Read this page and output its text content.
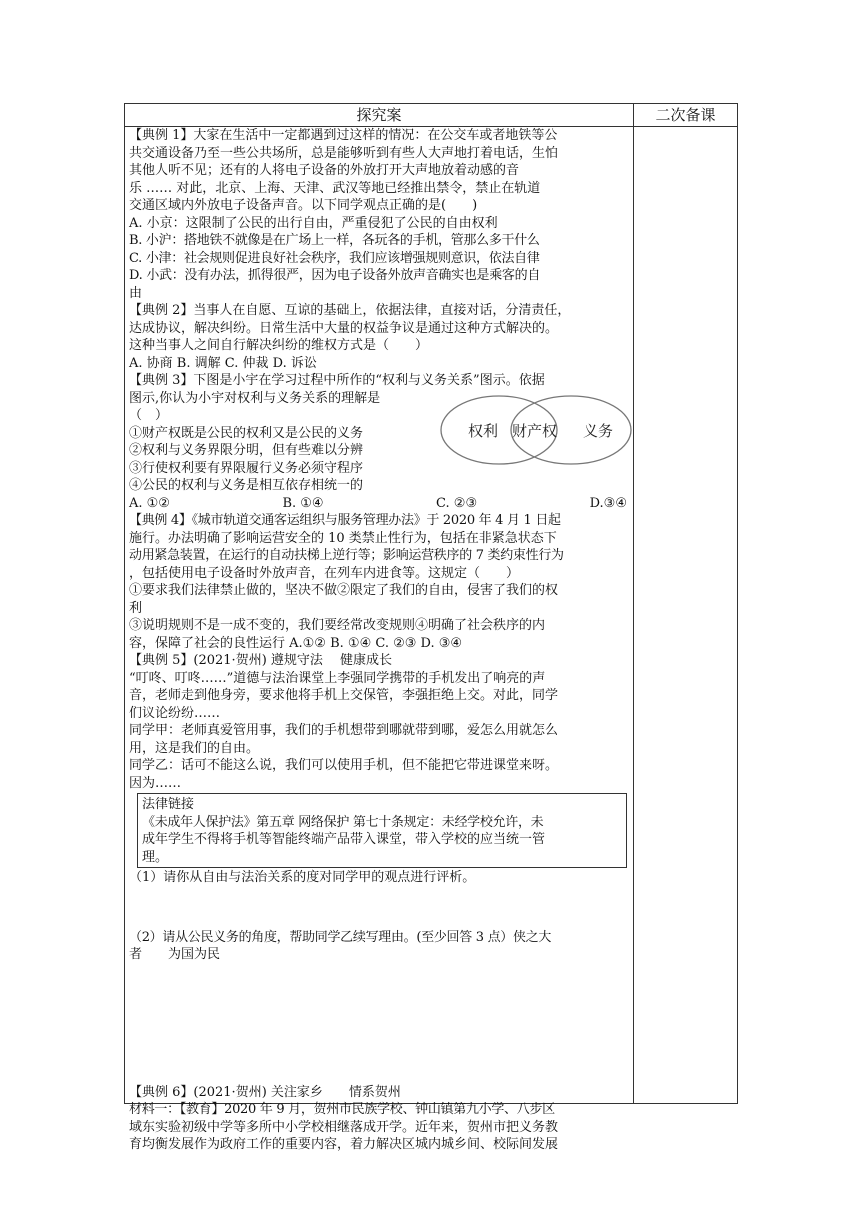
探究案	二次备课

【典例 1】大家在生活中一定都遇到过这样的情况：在公交车或者地铁等公

共交通设备乃至一些公共场所，总是能够听到有些人大声地打着电话，生怕

其他人听不见；还有的人将电子设备的外放打开大声地放着动感的音

乐 …… 对此，北京、上海、天津、武汉等地已经推出禁令，禁止在轨道

交通区域内外放电子设备声音。以下同学观点正确的是(　　)

A. 小京：这限制了公民的出行自由，严重侵犯了公民的自由权利

B. 小沪：搭地铁不就像是在广场上一样，各玩各的手机，管那么多干什么

C. 小津：社会规则促进良好社会秩序，我们应该增强规则意识，依法自律

D. 小武：没有办法，抓得很严，因为电子设备外放声音确实也是乘客的自

由

【典例 2】当事人在自愿、互谅的基础上，依据法律，直接对话，分清责任，

达成协议，解决纠纷。日常生活中大量的权益争议是通过这种方式解决的。

这种当事人之间自行解决纠纷的维权方式是（　　）

A. 协商 B. 调解 C. 仲裁 D. 诉讼

【典例 3】下图是小宇在学习过程中所作的“权利与义务关系”图示。依据

图示,你认为小宇对权利与义务关系的理解是

（　）

①财产权既是公民的权利又是公民的义务

②权利与义务界限分明，但有些难以分辨

③行使权利要有界限履行义务必须守程序

④公民的权利与义务是相互依存相统一的

A. ①②	B. ①④	C. ②③	D.③④

【典例 4】《城市轨道交通客运组织与服务管理办法》于 2020 年 4 月 1 日起

施行。办法明确了影响运营安全的 10 类禁止性行为，包括在非紧急状态下

动用紧急装置，在运行的自动扶梯上逆行等；影响运营秩序的 7 类约束性行为

，包括使用电子设备时外放声音，在列车内进食等。这规定（　　）

①要求我们法律禁止做的，坚决不做②限定了我们的自由，侵害了我们的权

利

③说明规则不是一成不变的，我们要经常改变规则④明确了社会秩序的内

容，保障了社会的良性运行 A.①② B. ①④ C. ②③ D. ③④

【典例 5】(2021·贺州) 遵规守法　 健康成长

“叮咚、叮咚……”道德与法治课堂上李强同学携带的手机发出了响亮的声

音，老师走到他身旁，要求他将手机上交保管，李强拒绝上交。对此，同学

们议论纷纷……

同学甲：老师真爱管用事，我们的手机想带到哪就带到哪，爱怎么用就怎么

用，这是我们的自由。

同学乙：话可不能这么说，我们可以使用手机，但不能把它带进课堂来呀。

因为……

法律链接

《未成年人保护法》第五章 网络保护 第七十条规定：未经学校允许，未

成年学生不得将手机等智能终端产品带入课堂，带入学校的应当统一管

理。

（1）请你从自由与法治关系的度对同学甲的观点进行评析。

（2）请从公民义务的角度，帮助同学乙续写理由。(至少回答 3 点）侠之大

者　　为国为民

【典例 6】(2021·贺州) 关注家乡　　情系贺州

材料一：【教育】2020 年 9 月，贺州市民族学校、钟山镇第九小学、八步区

域东实验初级中学等多所中小学校相继落成开学。近年来，贺州市把义务教

育均衡发展作为政府工作的重要内容，着力解决区城内城乡间、校际间发展

权利 财产权 义务
